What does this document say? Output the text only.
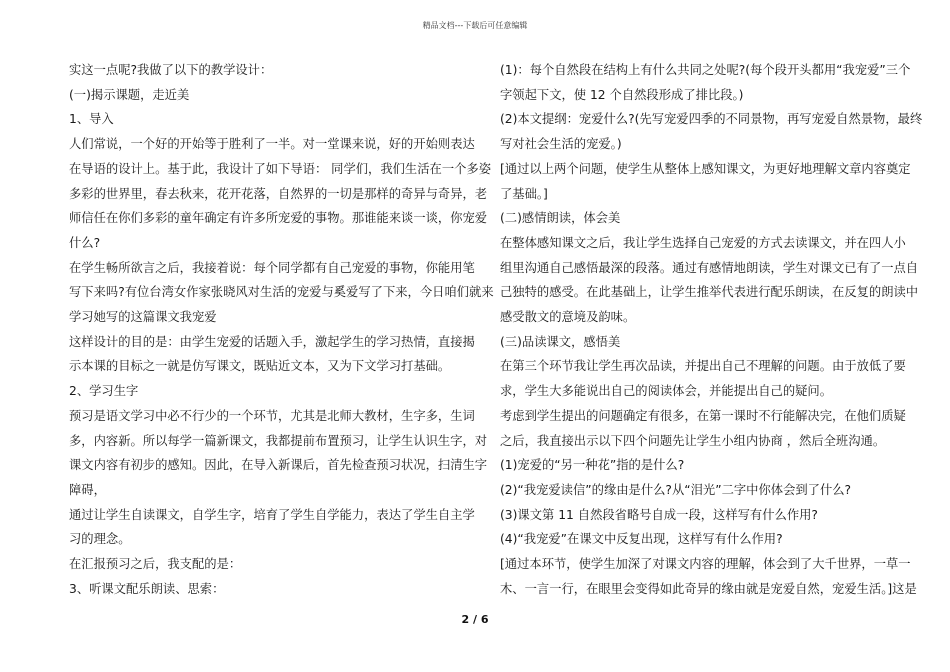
精品文档---下载后可任意编辑

实这一点呢?我做了以下的教学设计：

(一)揭示课题，走近美

1、导入

人们常说，一个好的开始等于胜利了一半。对一堂课来说，好的开始则表达

在导语的设计上。基于此，我设计了如下导语： 同学们，我们生活在一个多姿

多彩的世界里，春去秋来，花开花落，自然界的一切是那样的奇异与奇异，老

师信任在你们多彩的童年确定有许多所宠爱的事物。那谁能来谈一谈，你宠爱

什么?

在学生畅所欲言之后，我接着说：每个同学都有自己宠爱的事物，你能用笔

写下来吗?有位台湾女作家张晓风对生活的宠爱与奚爱写了下来，今日咱们就来

学习她写的这篇课文我宠爱

这样设计的目的是：由学生宠爱的话题入手，激起学生的学习热情，直接揭

示本课的目标之一就是仿写课文，既贴近文本，又为下文学习打基础。

2、学习生字

预习是语文学习中必不行少的一个环节，尤其是北师大教材，生字多，生词

多，内容新。所以每学一篇新课文，我都提前布置预习，让学生认识生字，对

课文内容有初步的感知。因此，在导入新课后，首先检查预习状况，扫清生字

障碍，

通过让学生自读课文，自学生字，培育了学生自学能力，表达了学生自主学

习的理念。

在汇报预习之后，我支配的是：

3、听课文配乐朗读、思索：

(1)：每个自然段在结构上有什么共同之处呢?(每个段开头都用“我宠爱”三个

字领起下文，使 12 个自然段形成了排比段。)

(2)本文提纲：宠爱什么?(先写宠爱四季的不同景物，再写宠爱自然景物，最终

写对社会生活的宠爱。)

[通过以上两个问题，使学生从整体上感知课文，为更好地理解文章内容奠定

了基础。]

(二)感情朗读，体会美

在整体感知课文之后，我让学生选择自己宠爱的方式去读课文，并在四人小

组里沟通自己感悟最深的段落。通过有感情地朗读，学生对课文已有了一点自

己独特的感受。在此基础上，让学生推举代表进行配乐朗读，在反复的朗读中

感受散文的意境及韵味。

(三)品读课文，感悟美

在第三个环节我让学生再次品读，并提出自己不理解的问题。由于放低了要

求，学生大多能说出自己的阅读体会，并能提出自己的疑问。

考虑到学生提出的问题确定有很多，在第一课时不行能解决完，在他们质疑

之后，我直接出示以下四个问题先让学生小组内协商 ，然后全班沟通。

(1)宠爱的“另一种花”指的是什么?

(2)“我宠爱读信”的缘由是什么?从“泪光”二字中你体会到了什么?

(3)课文第 11 自然段省略号自成一段，这样写有什么作用?

(4)“我宠爱”在课文中反复出现，这样写有什么作用?

[通过本环节，使学生加深了对课文内容的理解，体会到了大千世界，一草一

木、一言一行，在眼里会变得如此奇异的缘由就是宠爱自然，宠爱生活。]这是

2 / 6
